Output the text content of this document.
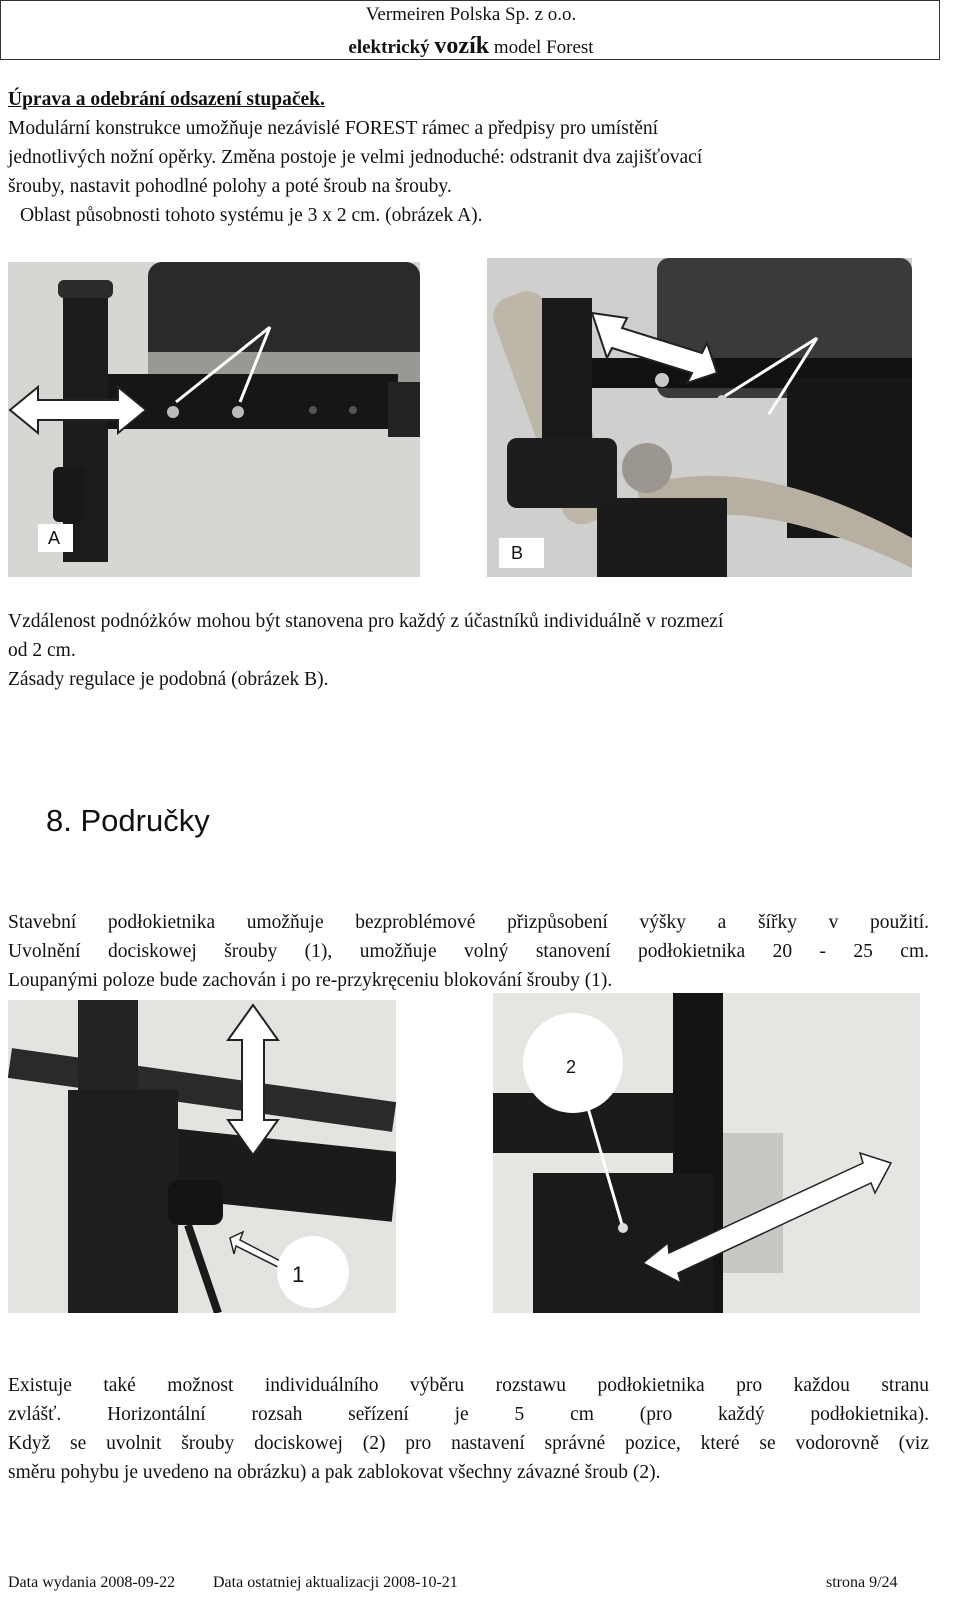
Vermeiren Polska Sp. z o.o.
elektrický vozík model Forest
Úprava a odebrání odsazení stupaček.
Modulární konstrukce umožňuje nezávislé FOREST rámec a předpisy pro umístění
jednotlivých nožní opěrky. Změna postoje je velmi jednoduché: odstranit dva zajišťovací
šrouby, nastavit pohodlné polohy a poté šroub na šrouby.
Oblast působnosti tohoto systému je 3 x 2 cm. (obrázek A).
A
B
Vzdálenost podnóżków mohou být stanovena pro každý z účastníků individuálně v rozmezí
od 2 cm.
Zásady regulace je podobná (obrázek B).
8. Područky
Stavební podłokietnika umožňuje bezproblémové přizpůsobení výšky a šířky v použití.
Uvolnění dociskowej šrouby (1), umožňuje volný stanovení podłokietnika 20 - 25 cm.
Loupanými poloze bude zachován i po re-przykręceniu blokování šrouby (1).
1
2
Existuje také možnost individuálního výběru rozstawu podłokietnika pro každou stranu
zvlášť. Horizontální rozsah seřízení je 5 cm (pro každý podłokietnika).
Když se uvolnit šrouby dociskowej (2) pro nastavení správné pozice, které se vodorovně (viz
směru pohybu je uvedeno na obrázku) a pak zablokovat všechny závazné šroub (2).
Data wydania 2008-09-22 Data ostatniej aktualizacji 2008-10-21	strona 9/24
